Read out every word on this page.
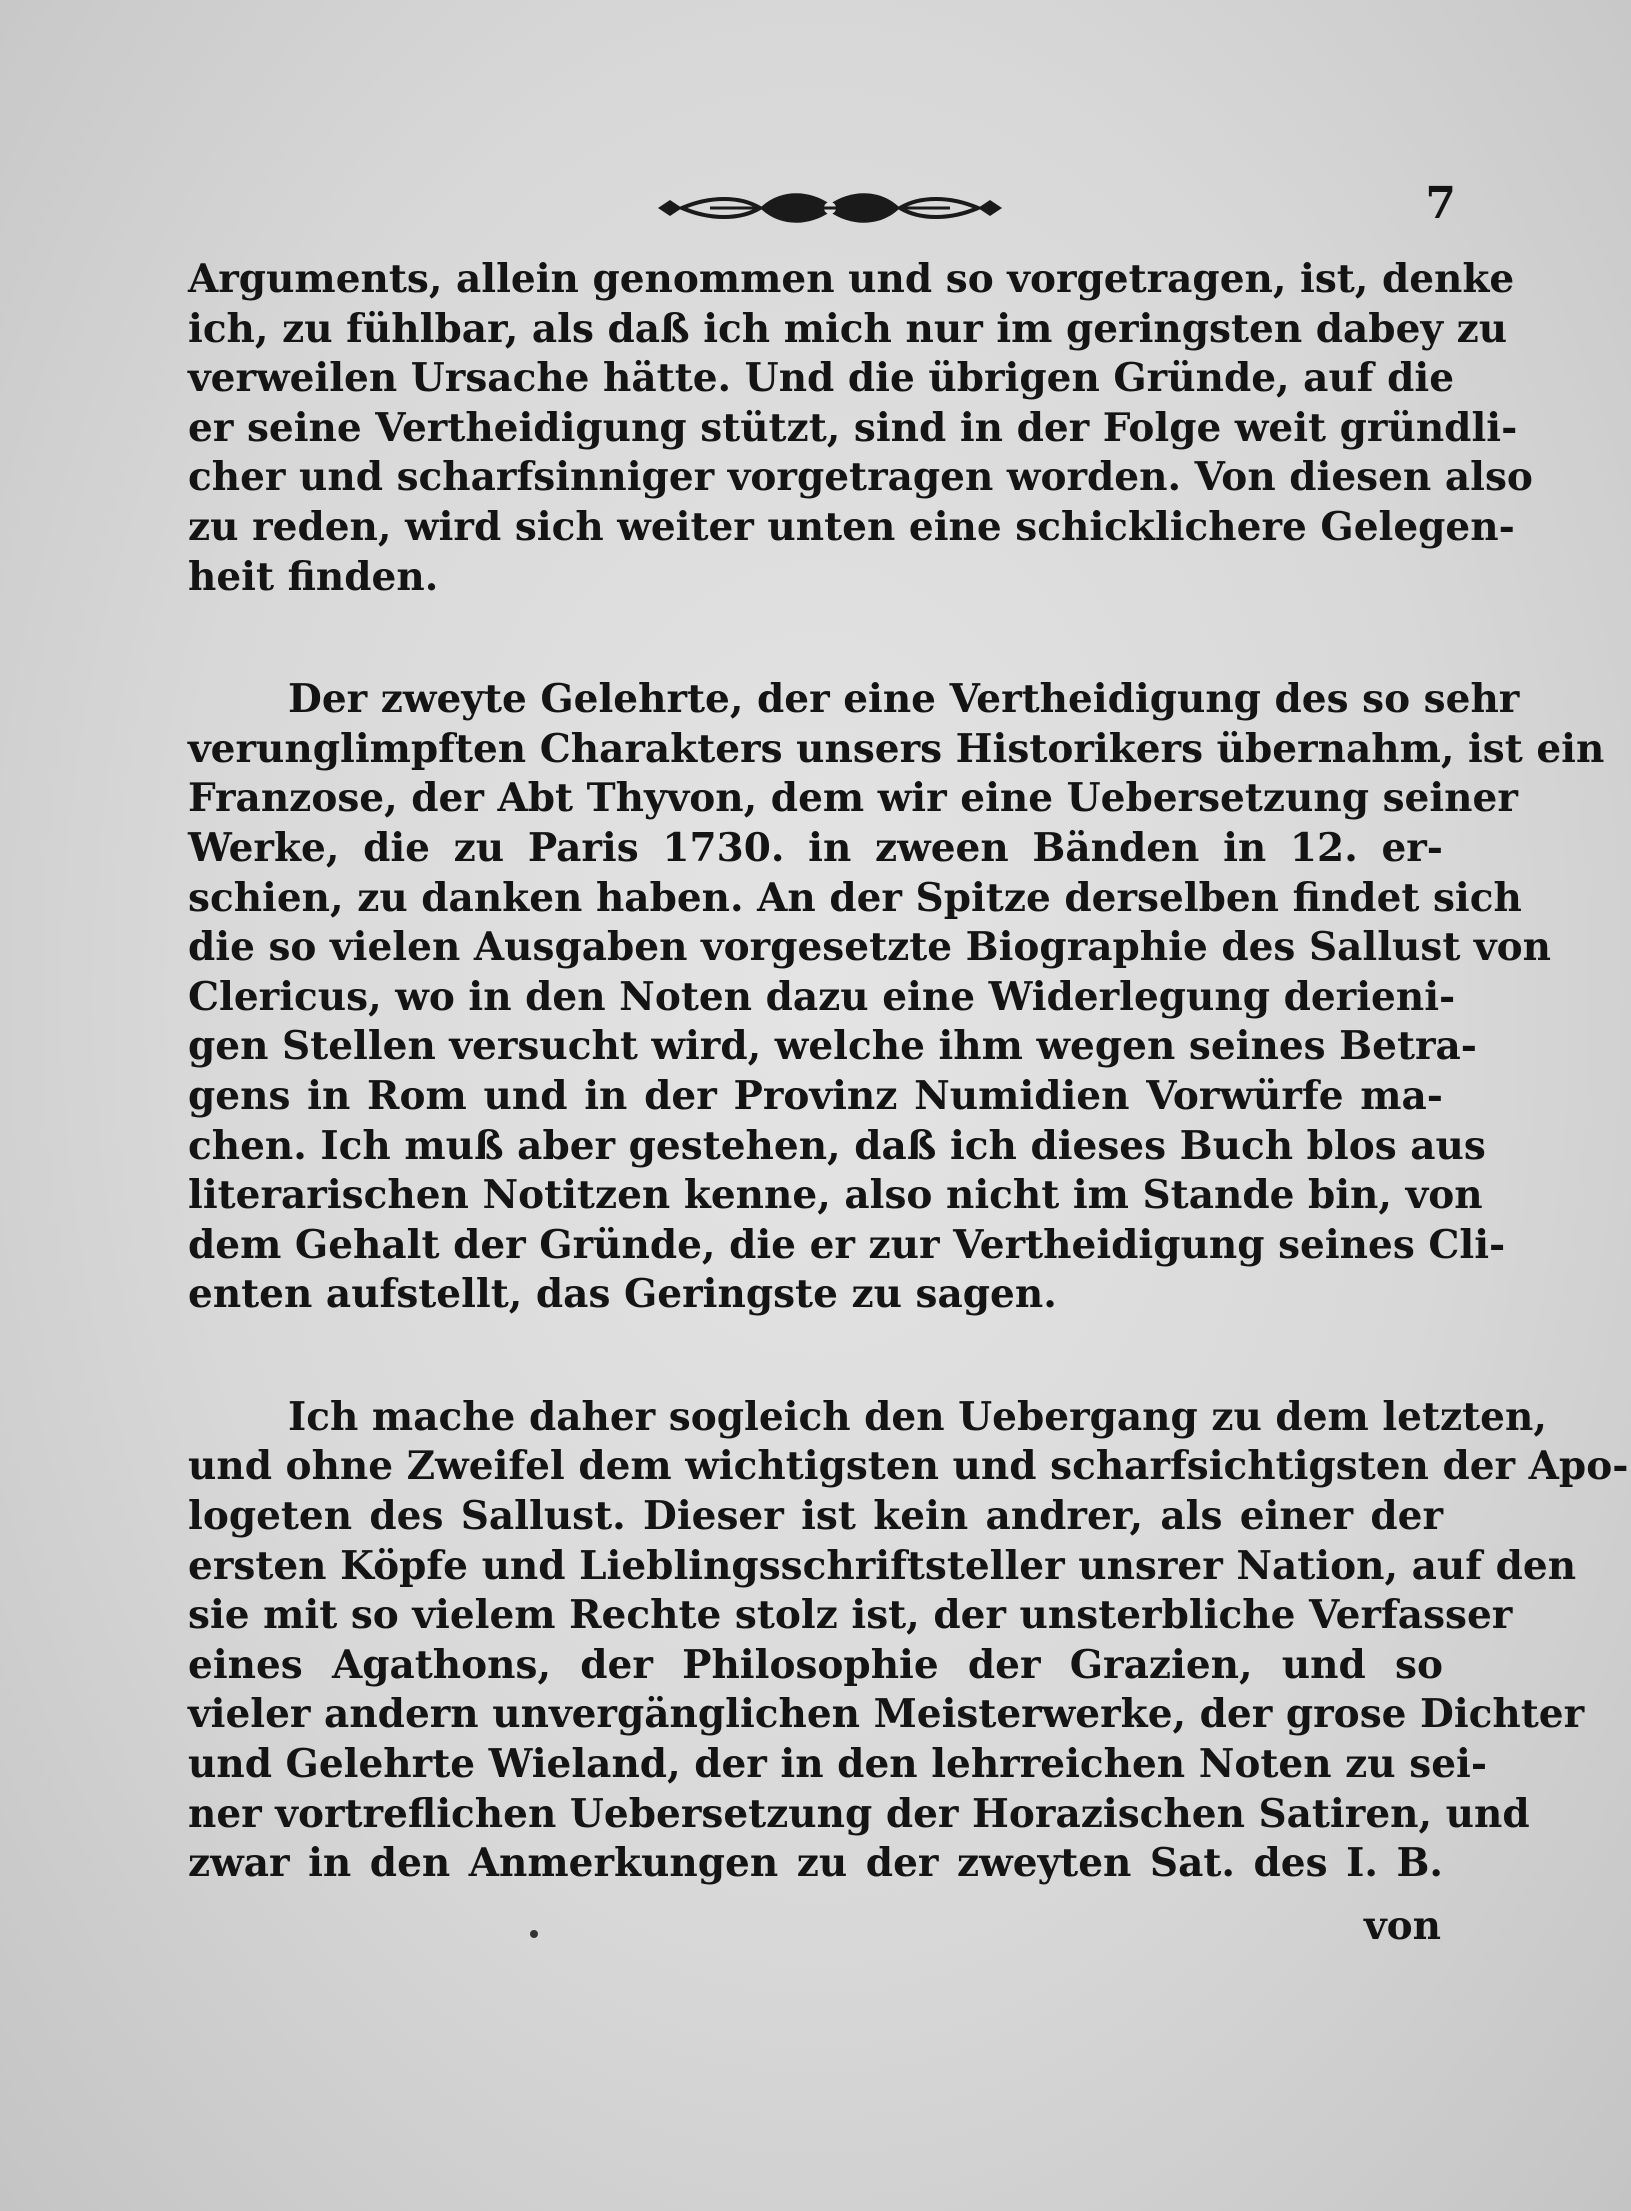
7
Arguments, allein genommen und so vorgetragen, ist, denke
ich, zu fühlbar, als daß ich mich nur im geringsten dabey zu
verweilen Ursache hätte. Und die übrigen Gründe, auf die
er seine Vertheidigung stützt, sind in der Folge weit gründli-
cher und scharfsinniger vorgetragen worden. Von diesen also
zu reden, wird sich weiter unten eine schicklichere Gelegen-
heit finden.
Der zweyte Gelehrte, der eine Vertheidigung des so sehr
verunglimpften Charakters unsers Historikers übernahm, ist ein
Franzose, der Abt Thyvon, dem wir eine Uebersetzung seiner
Werke, die zu Paris 1730. in zween Bänden in 12. er-
schien, zu danken haben. An der Spitze derselben findet sich
die so vielen Ausgaben vorgesetzte Biographie des Sallust von
Clericus, wo in den Noten dazu eine Widerlegung derieni-
gen Stellen versucht wird, welche ihm wegen seines Betra-
gens in Rom und in der Provinz Numidien Vorwürfe ma-
chen. Ich muß aber gestehen, daß ich dieses Buch blos aus
literarischen Notitzen kenne, also nicht im Stande bin, von
dem Gehalt der Gründe, die er zur Vertheidigung seines Cli-
enten aufstellt, das Geringste zu sagen.
Ich mache daher sogleich den Uebergang zu dem letzten,
und ohne Zweifel dem wichtigsten und scharfsichtigsten der Apo-
logeten des Sallust. Dieser ist kein andrer, als einer der
ersten Köpfe und Lieblingsschriftsteller unsrer Nation, auf den
sie mit so vielem Rechte stolz ist, der unsterbliche Verfasser
eines Agathons, der Philosophie der Grazien, und so
vieler andern unvergänglichen Meisterwerke, der grose Dichter
und Gelehrte Wieland, der in den lehrreichen Noten zu sei-
ner vortreflichen Uebersetzung der Horazischen Satiren, und
zwar in den Anmerkungen zu der zweyten Sat. des I. B.
von
